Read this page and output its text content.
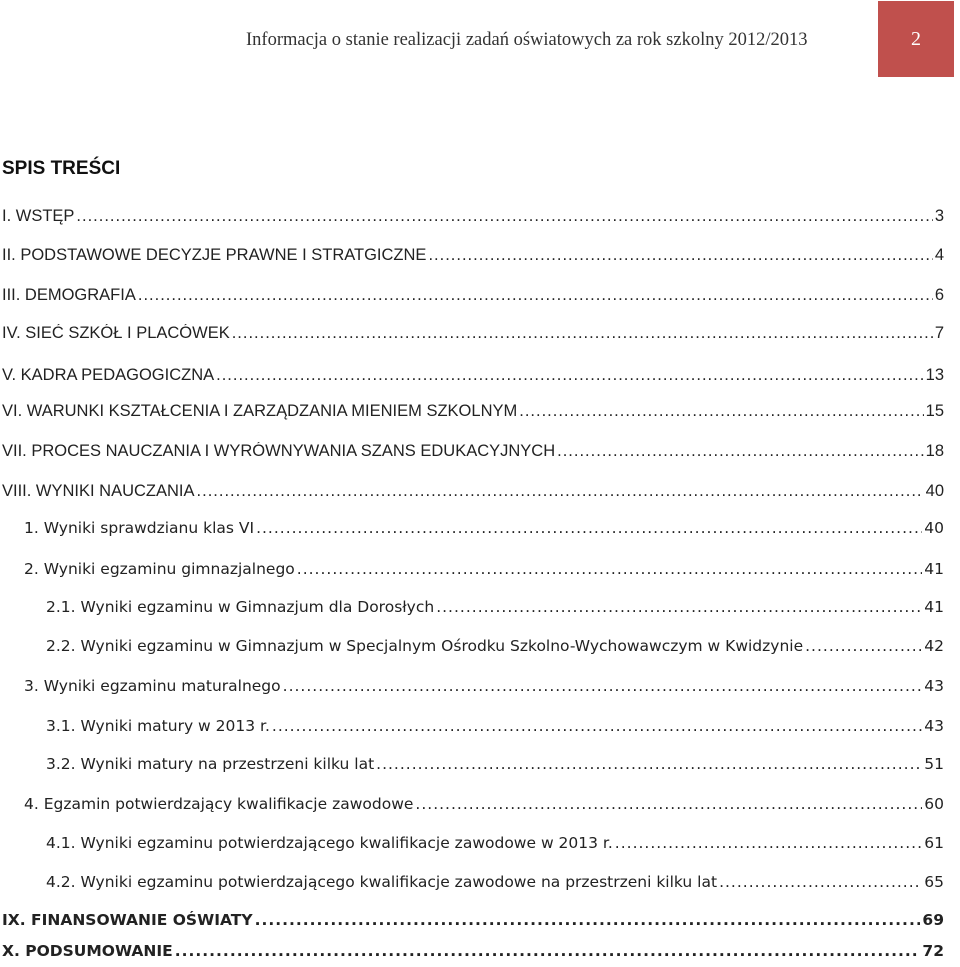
Informacja o stanie realizacji zadań oświatowych za rok szkolny 2012/2013	2
SPIS TREŚCI
I. WSTĘP .....	3
II. PODSTAWOWE DECYZJE PRAWNE I STRATGICZNE .....	4
III. DEMOGRAFIA .....	6
IV. SIEĆ SZKÓŁ I PLACÓWEK .....	7
V. KADRA PEDAGOGICZNA .....	13
VI. WARUNKI KSZTAŁCENIA I ZARZĄDZANIA MIENIEM SZKOLNYM .....	15
VII. PROCES NAUCZANIA I WYRÓWNYWANIA SZANS EDUKACYJNYCH .....	18
VIII. WYNIKI NAUCZANIA .....	40
1. Wyniki sprawdzianu klas VI .....	40
2. Wyniki egzaminu gimnazjalnego .....	41
2.1. Wyniki egzaminu w Gimnazjum dla Dorosłych .....	41
2.2. Wyniki egzaminu w Gimnazjum w Specjalnym Ośrodku Szkolno-Wychowawczym w Kwidzynie .....	42
3. Wyniki egzaminu maturalnego .....	43
3.1. Wyniki matury w 2013 r. .....	43
3.2. Wyniki matury na przestrzeni kilku lat .....	51
4. Egzamin potwierdzający kwalifikacje zawodowe .....	60
4.1. Wyniki egzaminu potwierdzającego kwalifikacje zawodowe w 2013 r. .....	61
4.2. Wyniki egzaminu potwierdzającego kwalifikacje zawodowe na przestrzeni kilku lat .....	65
IX. FINANSOWANIE OŚWIATY .....	69
X. PODSUMOWANIE .....	72
